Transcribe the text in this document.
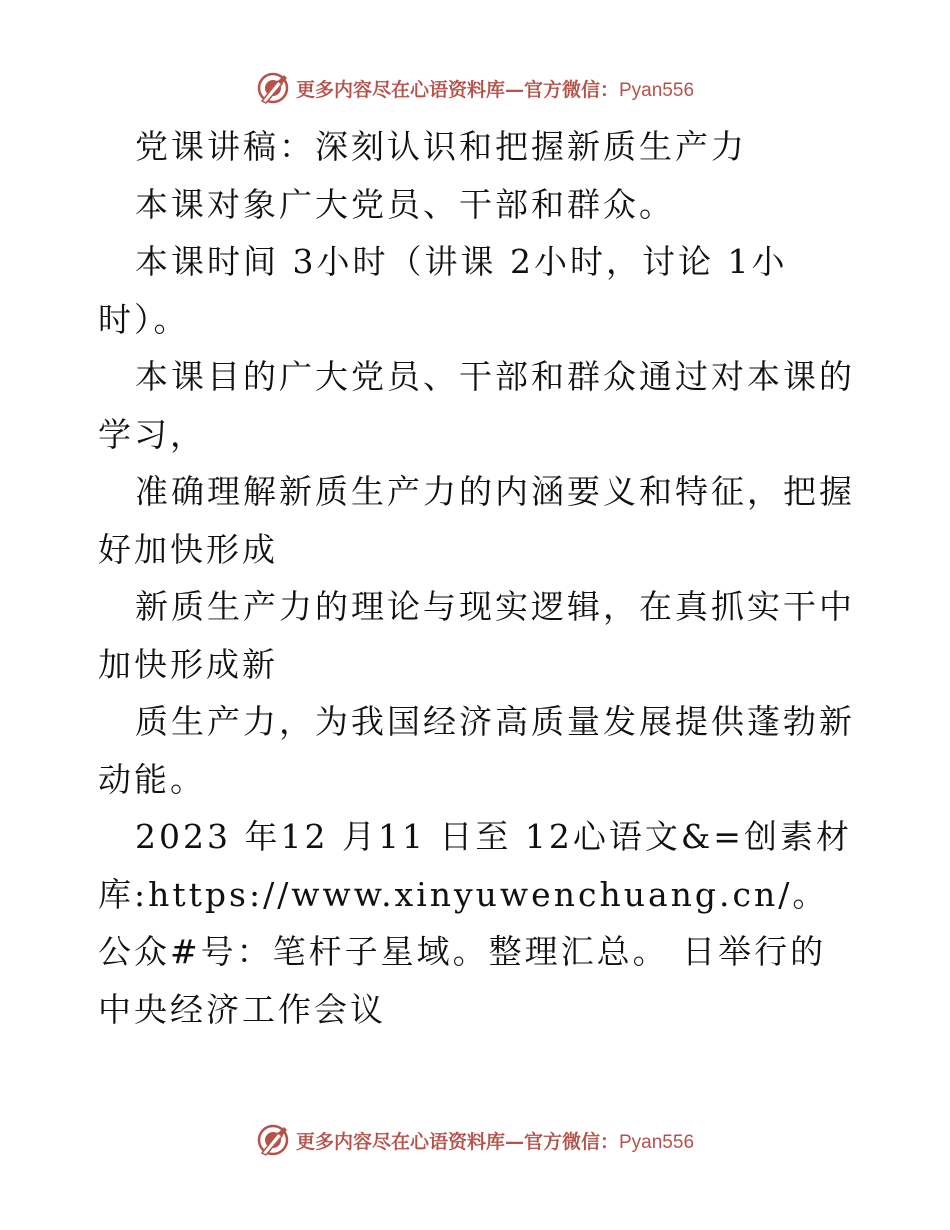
更多内容尽在心语资料库—官方微信：Pyan556

党课讲稿：深刻认识和把握新质生产力

本课对象广大党员、干部和群众。

本课时间 3小时（讲课 2小时，讨论 1小时）。

本课目的广大党员、干部和群众通过对本课的学习，

准确理解新质生产力的内涵要义和特征，把握好加快形成

新质生产力的理论与现实逻辑，在真抓实干中加快形成新

质生产力，为我国经济高质量发展提供蓬勃新动能。

2023 年12 月11 日至 12心语文&=创素材库:https://www.xinyuwenchuang.cn/。公众#号：笔杆子星域。整理汇总。 日举行的中央经济工作会议

更多内容尽在心语资料库—官方微信：Pyan556
